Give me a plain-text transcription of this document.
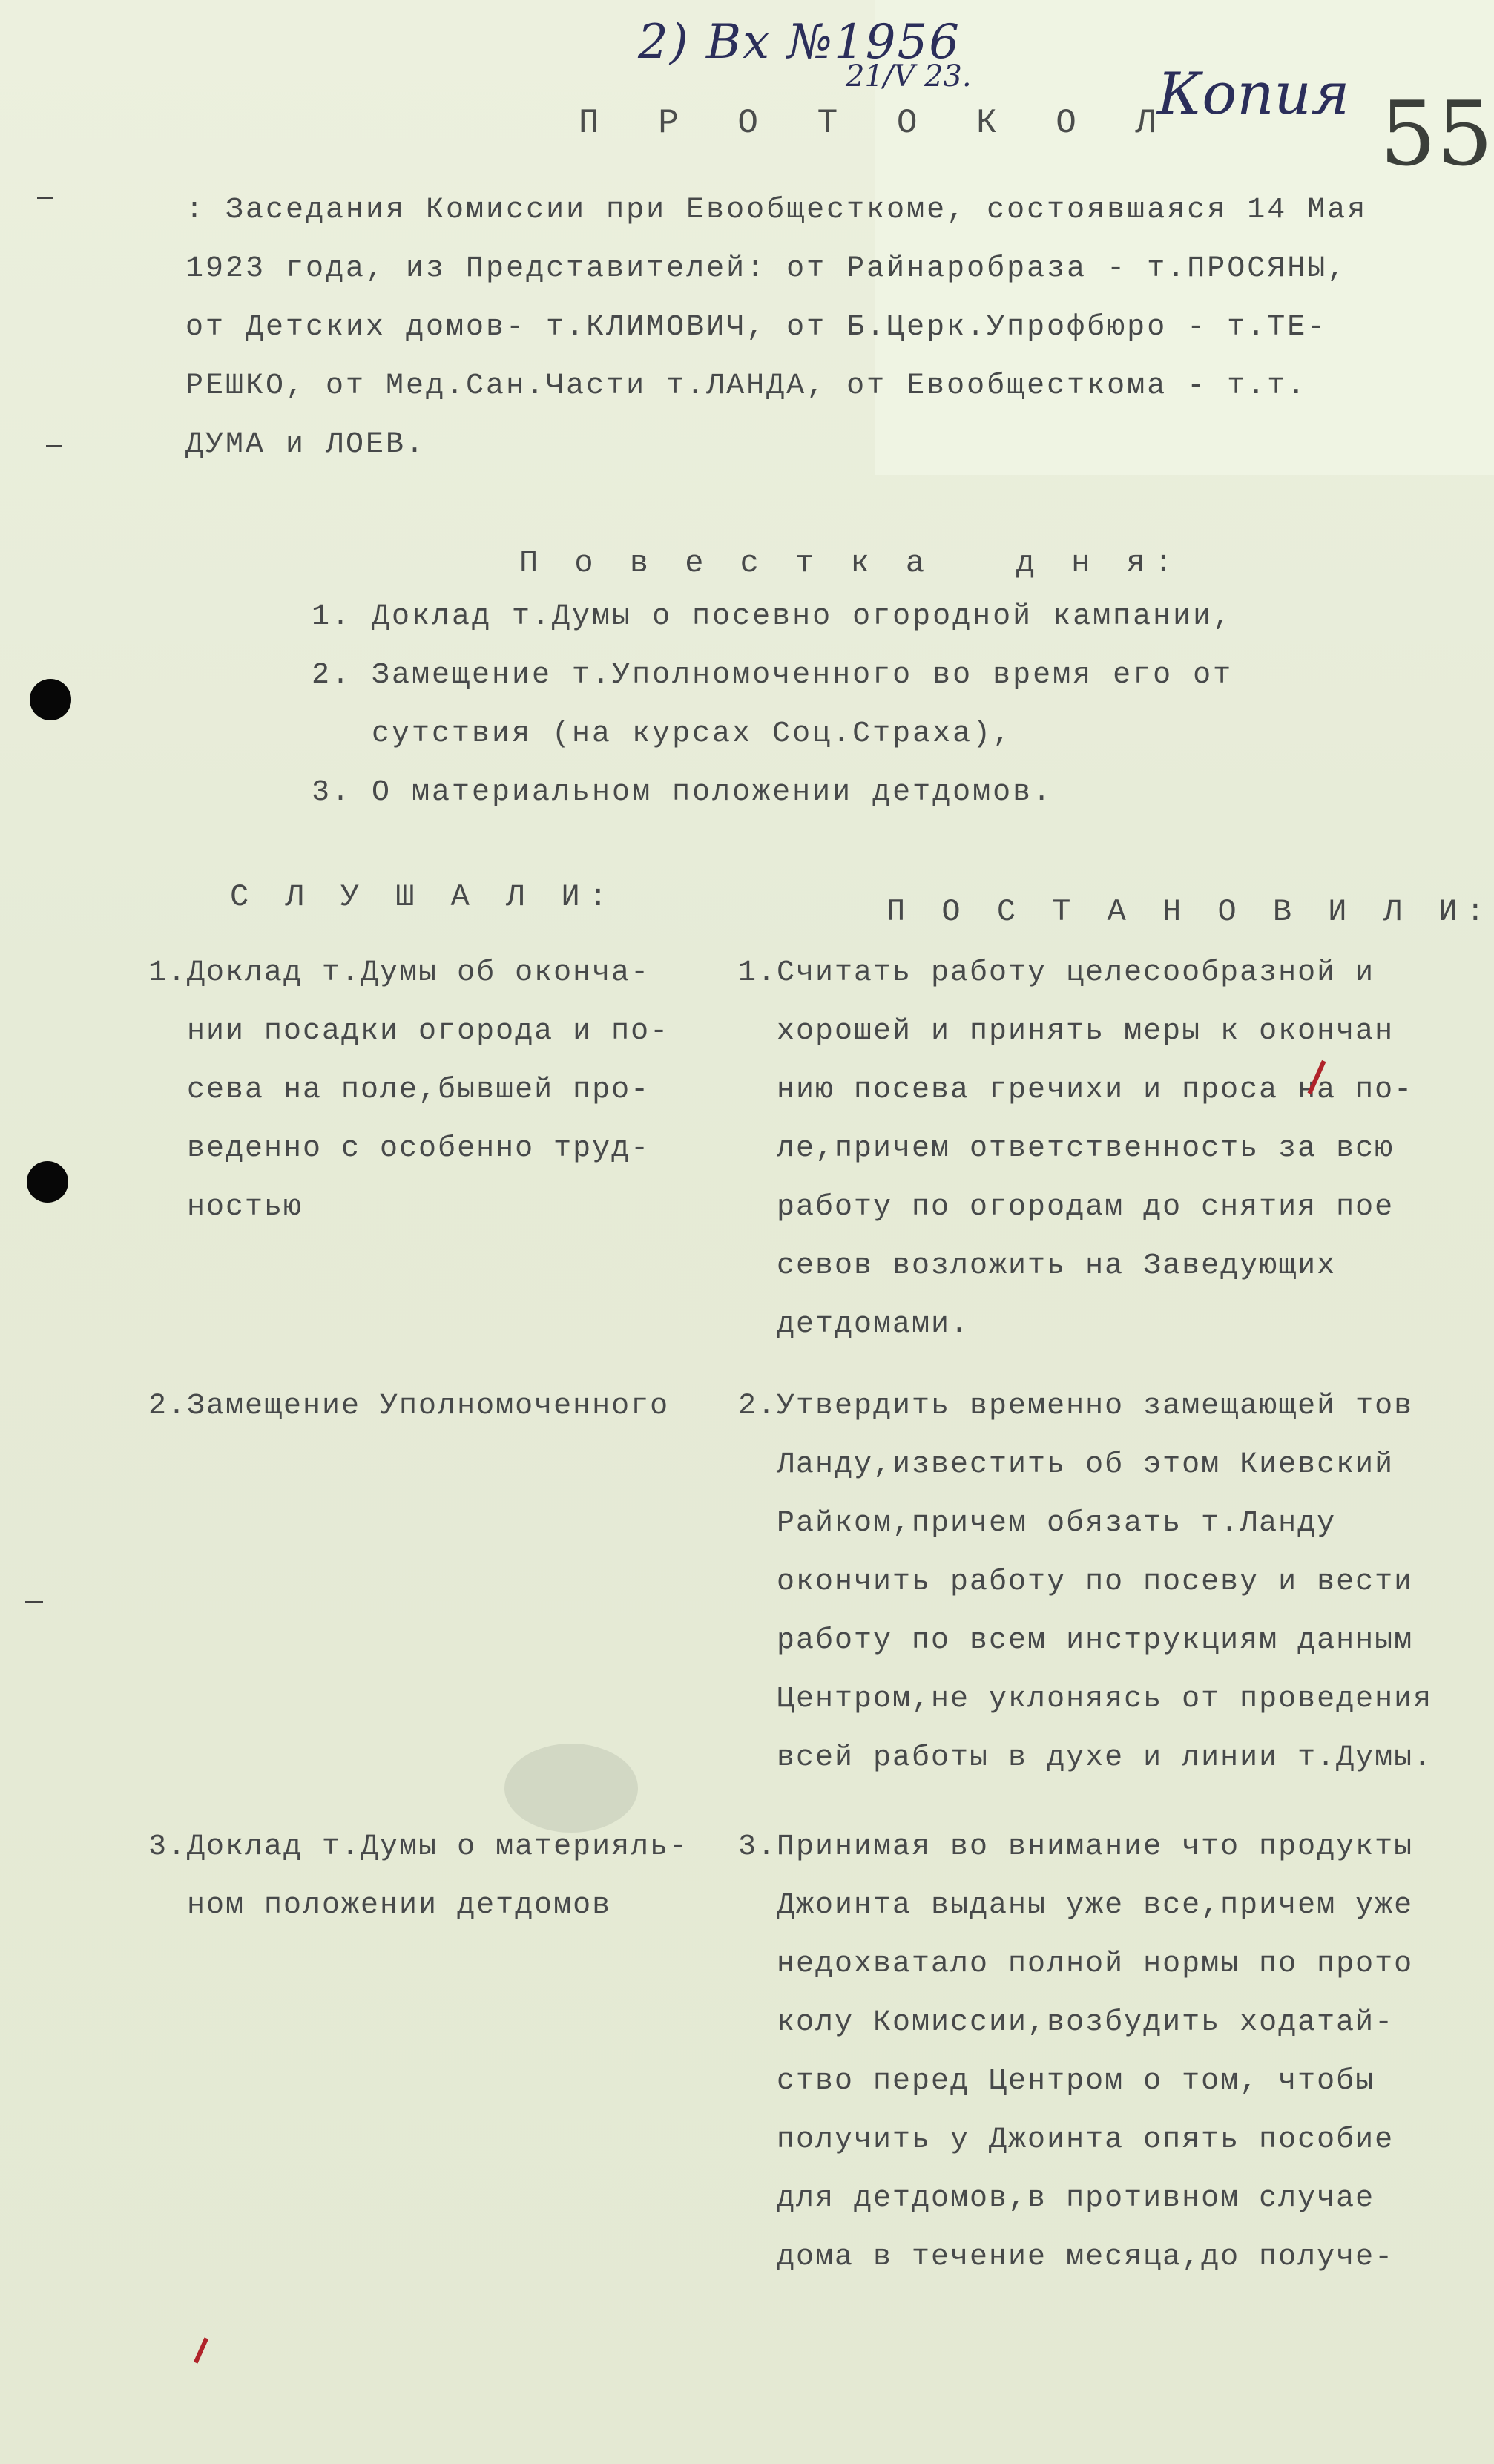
2) Вх №1956
21/V 23.	Копия 55
П Р О Т О К О Л
: Заседания Комиссии при Евообщесткоме, состоявшаяся 14 Мая
1923 года, из Представителей: от Райнаробраза - т.ПРОСЯНЫ,
от Детских домов- т.КЛИМОВИЧ, от Б.Церк.Упрофбюро - т.ТЕ-
РЕШКО, от Мед.Сан.Части т.ЛАНДА, от Евообщесткома - т.т.
ДУМА и ЛОЕВ.
П о в е с т к а   д н я:
1. Доклад т.Думы о посевно огородной кампании,
2. Замещение т.Уполномоченного во время его от
сутствия (на курсах Соц.Страха),
3. О материальном положении детдомов.
С Л У Ш А Л И:	П О С Т А Н О В И Л И:
1.Доклад т.Думы об оконча-
нии посадки огорода и по-
сева на поле,бывшей про-
веденно с особенно труд-
ностью
1.Считать работу целесообразной и
хорошей и принять меры к окончан
нию посева гречихи и проса на по-
ле,причем ответственность за всю
работу по огородам до снятия пое
севов возложить на Заведующих
детдомами.
2.Замещение Уполномоченного 2.Утвердить временно замещающей тов
Ланду,известить об этом Киевский
Райком,причем обязать т.Ланду
окончить работу по посеву и вести
работу по всем инструкциям данным
Центром,не уклоняясь от проведения
всей работы в духе и линии т.Думы.
3.Доклад т.Думы о материяль-
ном положении детдомов
3.Принимая во внимание что продукты
Джоинта выданы уже все,причем уже
недохватало полной нормы по прото
колу Комиссии,возбудить ходатай-
ство перед Центром о том, чтобы
получить у Джоинта опять пособие
для детдомов,в противном случае
дома в течение месяца,до получе-
